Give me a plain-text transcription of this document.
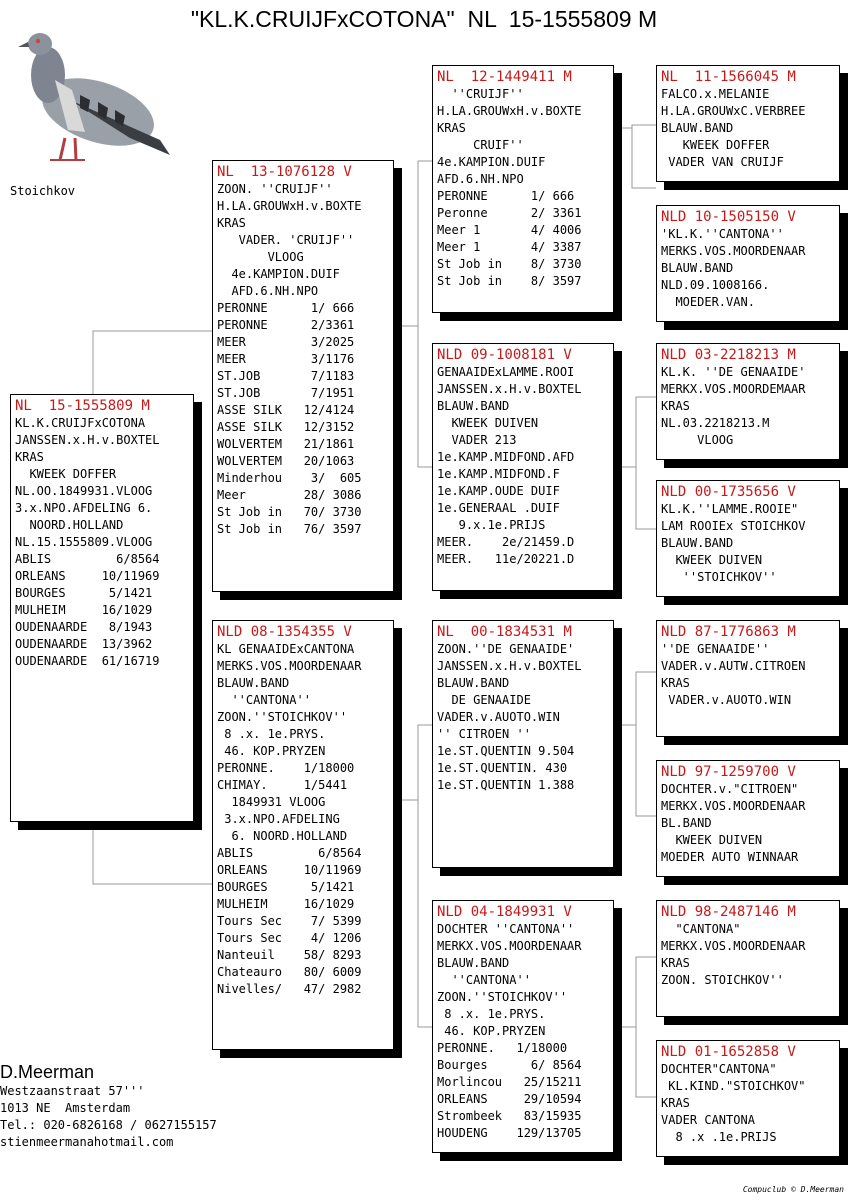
"KL.K.CRUIJFxCOTONA"  NL  15-1555809 M
Stoichkov
NL  15-1555809 M
KL.K.CRUIJFxCOTONA
JANSSEN.x.H.v.BOXTEL
KRAS
KWEEK DOFFER
NL.OO.1849931.VLOOG
3.x.NPO.AFDELING 6.
NOORD.HOLLAND
NL.15.1555809.VLOOG
ABLIS         6/8564
ORLEANS     10/11969
BOURGES      5/1421
MULHEIM     16/1029
OUDENAARDE   8/1943
OUDENAARDE  13/3962
OUDENAARDE  61/16719
NL  13-1076128 V
ZOON. ''CRUIJF''
H.LA.GROUWxH.v.BOXTE
KRAS
VADER. 'CRUIJF''
VLOOG
4e.KAMPION.DUIF
AFD.6.NH.NPO
PERONNE      1/ 666
PERONNE      2/3361
MEER         3/2025
MEER         3/1176
ST.JOB       7/1183
ST.JOB       7/1951
ASSE SILK   12/4124
ASSE SILK   12/3152
WOLVERTEM   21/1861
WOLVERTEM   20/1063
Minderhou    3/  605
Meer        28/ 3086
St Job in   70/ 3730
St Job in   76/ 3597
NLD 08-1354355 V
KL GENAAIDExCANTONA
MERKS.VOS.MOORDENAAR
BLAUW.BAND
''CANTONA''
ZOON.''STOICHKOV''
8 .x. 1e.PRYS.
46. KOP.PRYZEN
PERONNE.    1/18000
CHIMAY.     1/5441
1849931 VLOOG
3.x.NPO.AFDELING
6. NOORD.HOLLAND
ABLIS         6/8564
ORLEANS     10/11969
BOURGES      5/1421
MULHEIM     16/1029
Tours Sec    7/ 5399
Tours Sec    4/ 1206
Nanteuil    58/ 8293
Chateauro   80/ 6009
Nivelles/   47/ 2982
NL  12-1449411 M
''CRUIJF''
H.LA.GROUWxH.v.BOXTE
KRAS
CRUIF''
4e.KAMPION.DUIF
AFD.6.NH.NPO
PERONNE      1/ 666
Peronne      2/ 3361
Meer 1       4/ 4006
Meer 1       4/ 3387
St Job in    8/ 3730
St Job in    8/ 3597
NLD 09-1008181 V
GENAAIDExLAMME.ROOI
JANSSEN.x.H.v.BOXTEL
BLAUW.BAND
KWEEK DUIVEN
VADER 213
1e.KAMP.MIDFOND.AFD
1e.KAMP.MIDFOND.F
1e.KAMP.OUDE DUIF
1e.GENERAAL .DUIF
9.x.1e.PRIJS
MEER.    2e/21459.D
MEER.   11e/20221.D
NL  00-1834531 M
ZOON.''DE GENAAIDE'
JANSSEN.x.H.v.BOXTEL
BLAUW.BAND
DE GENAAIDE
VADER.v.AUOTO.WIN
'' CITROEN ''
1e.ST.QUENTIN 9.504
1e.ST.QUENTIN. 430
1e.ST.QUENTIN 1.388
NLD 04-1849931 V
DOCHTER ''CANTONA''
MERKX.VOS.MOORDENAAR
BLAUW.BAND
''CANTONA''
ZOON.''STOICHKOV''
8 .x. 1e.PRYS.
46. KOP.PRYZEN
PERONNE.   1/18000
Bourges      6/ 8564
Morlincou   25/15211
ORLEANS     29/10594
Strombeek   83/15935
HOUDENG    129/13705
NL  11-1566045 M
FALCO.x.MELANIE
H.LA.GROUWxC.VERBREE
BLAUW.BAND
KWEEK DOFFER
VADER VAN CRUIJF
NLD 10-1505150 V
'KL.K.''CANTONA''
MERKS.VOS.MOORDENAAR
BLAUW.BAND
NLD.09.1008166.
MOEDER.VAN.
NLD 03-2218213 M
KL.K. ''DE GENAAIDE'
MERKX.VOS.MOORDEMAAR
KRAS
NL.03.2218213.M
VLOOG
NLD 00-1735656 V
KL.K.''LAMME.ROOIE"
LAM ROOIEx STOICHKOV
BLAUW.BAND
KWEEK DUIVEN
''STOICHKOV''
NLD 87-1776863 M
''DE GENAAIDE''
VADER.v.AUTW.CITROEN
KRAS
VADER.v.AUOTO.WIN
NLD 97-1259700 V
DOCHTER.v."CITROEN"
MERKX.VOS.MOORDENAAR
BL.BAND
KWEEK DUIVEN
MOEDER AUTO WINNAAR
NLD 98-2487146 M
"CANTONA"
MERKX.VOS.MOORDENAAR
KRAS
ZOON. STOICHKOV''
NLD 01-1652858 V
DOCHTER"CANTONA"
KL.KIND."STOICHKOV"
KRAS
VADER CANTONA
8 .x .1e.PRIJS
D.Meerman
Westzaanstraat 57'''
1013 NE  Amsterdam
Tel.: 020-6826168 / 0627155157
stienmeermanahotmail.com
Compuclub © D.Meerman
